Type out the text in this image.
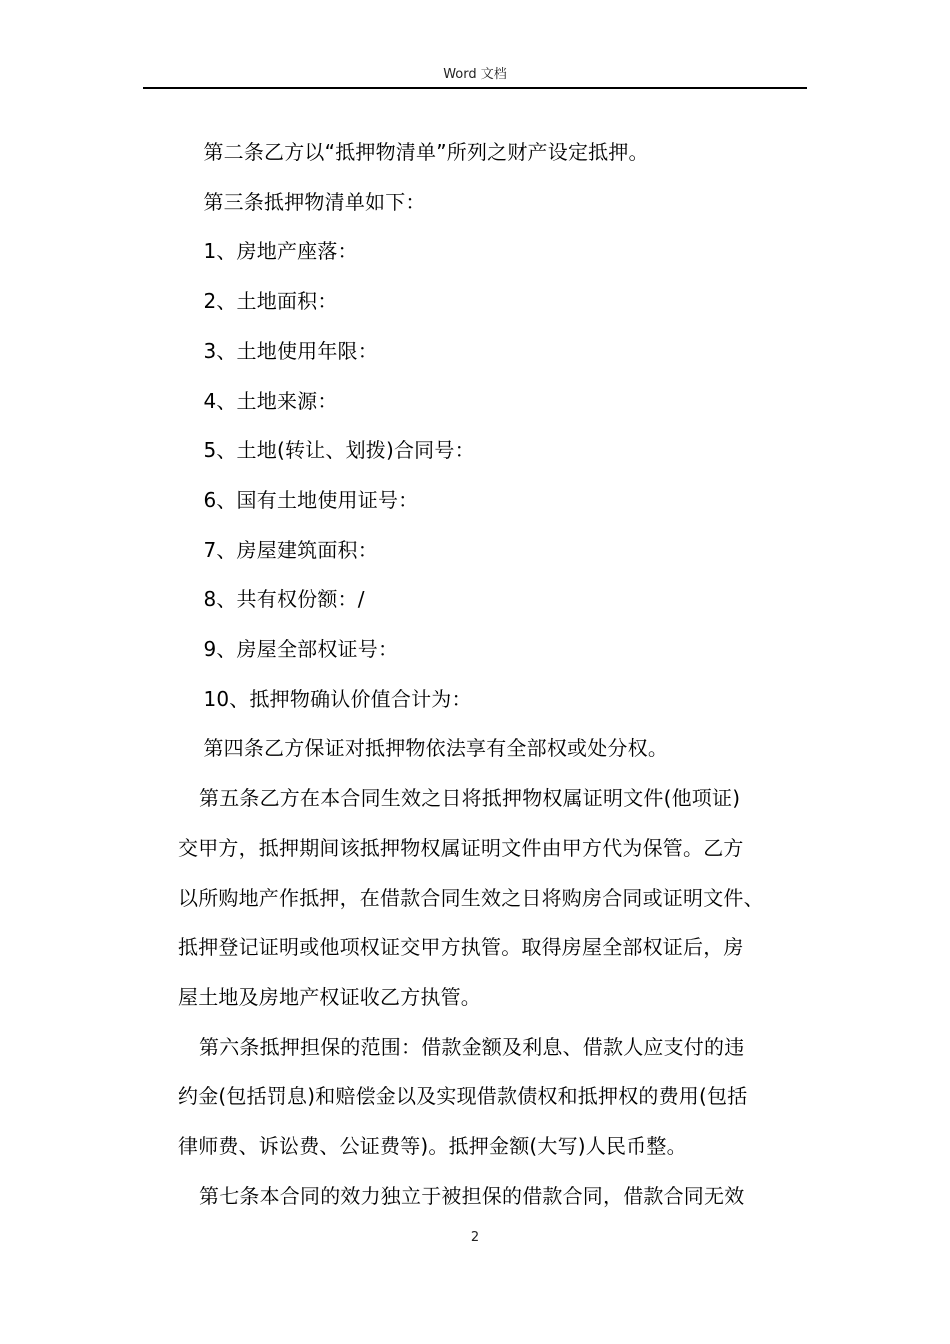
Word 文档

第二条乙方以“抵押物清单”所列之财产设定抵押。

第三条抵押物清单如下：

1、房地产座落：

2、土地面积：

3、土地使用年限：

4、土地来源：

5、土地(转让、划拨)合同号：

6、国有土地使用证号：

7、房屋建筑面积：

8、共有权份额：/

9、房屋全部权证号：

10、抵押物确认价值合计为：

第四条乙方保证对抵押物依法享有全部权或处分权。

第五条乙方在本合同生效之日将抵押物权属证明文件(他项证)
交甲方，抵押期间该抵押物权属证明文件由甲方代为保管。乙方
以所购地产作抵押，在借款合同生效之日将购房合同或证明文件、
抵押登记证明或他项权证交甲方执管。取得房屋全部权证后，房
屋土地及房地产权证收乙方执管。
第六条抵押担保的范围：借款金额及利息、借款人应支付的违
约金(包括罚息)和赔偿金以及实现借款债权和抵押权的费用(包括
律师费、诉讼费、公证费等)。抵押金额(大写)人民币整。
第七条本合同的效力独立于被担保的借款合同，借款合同无效
2
